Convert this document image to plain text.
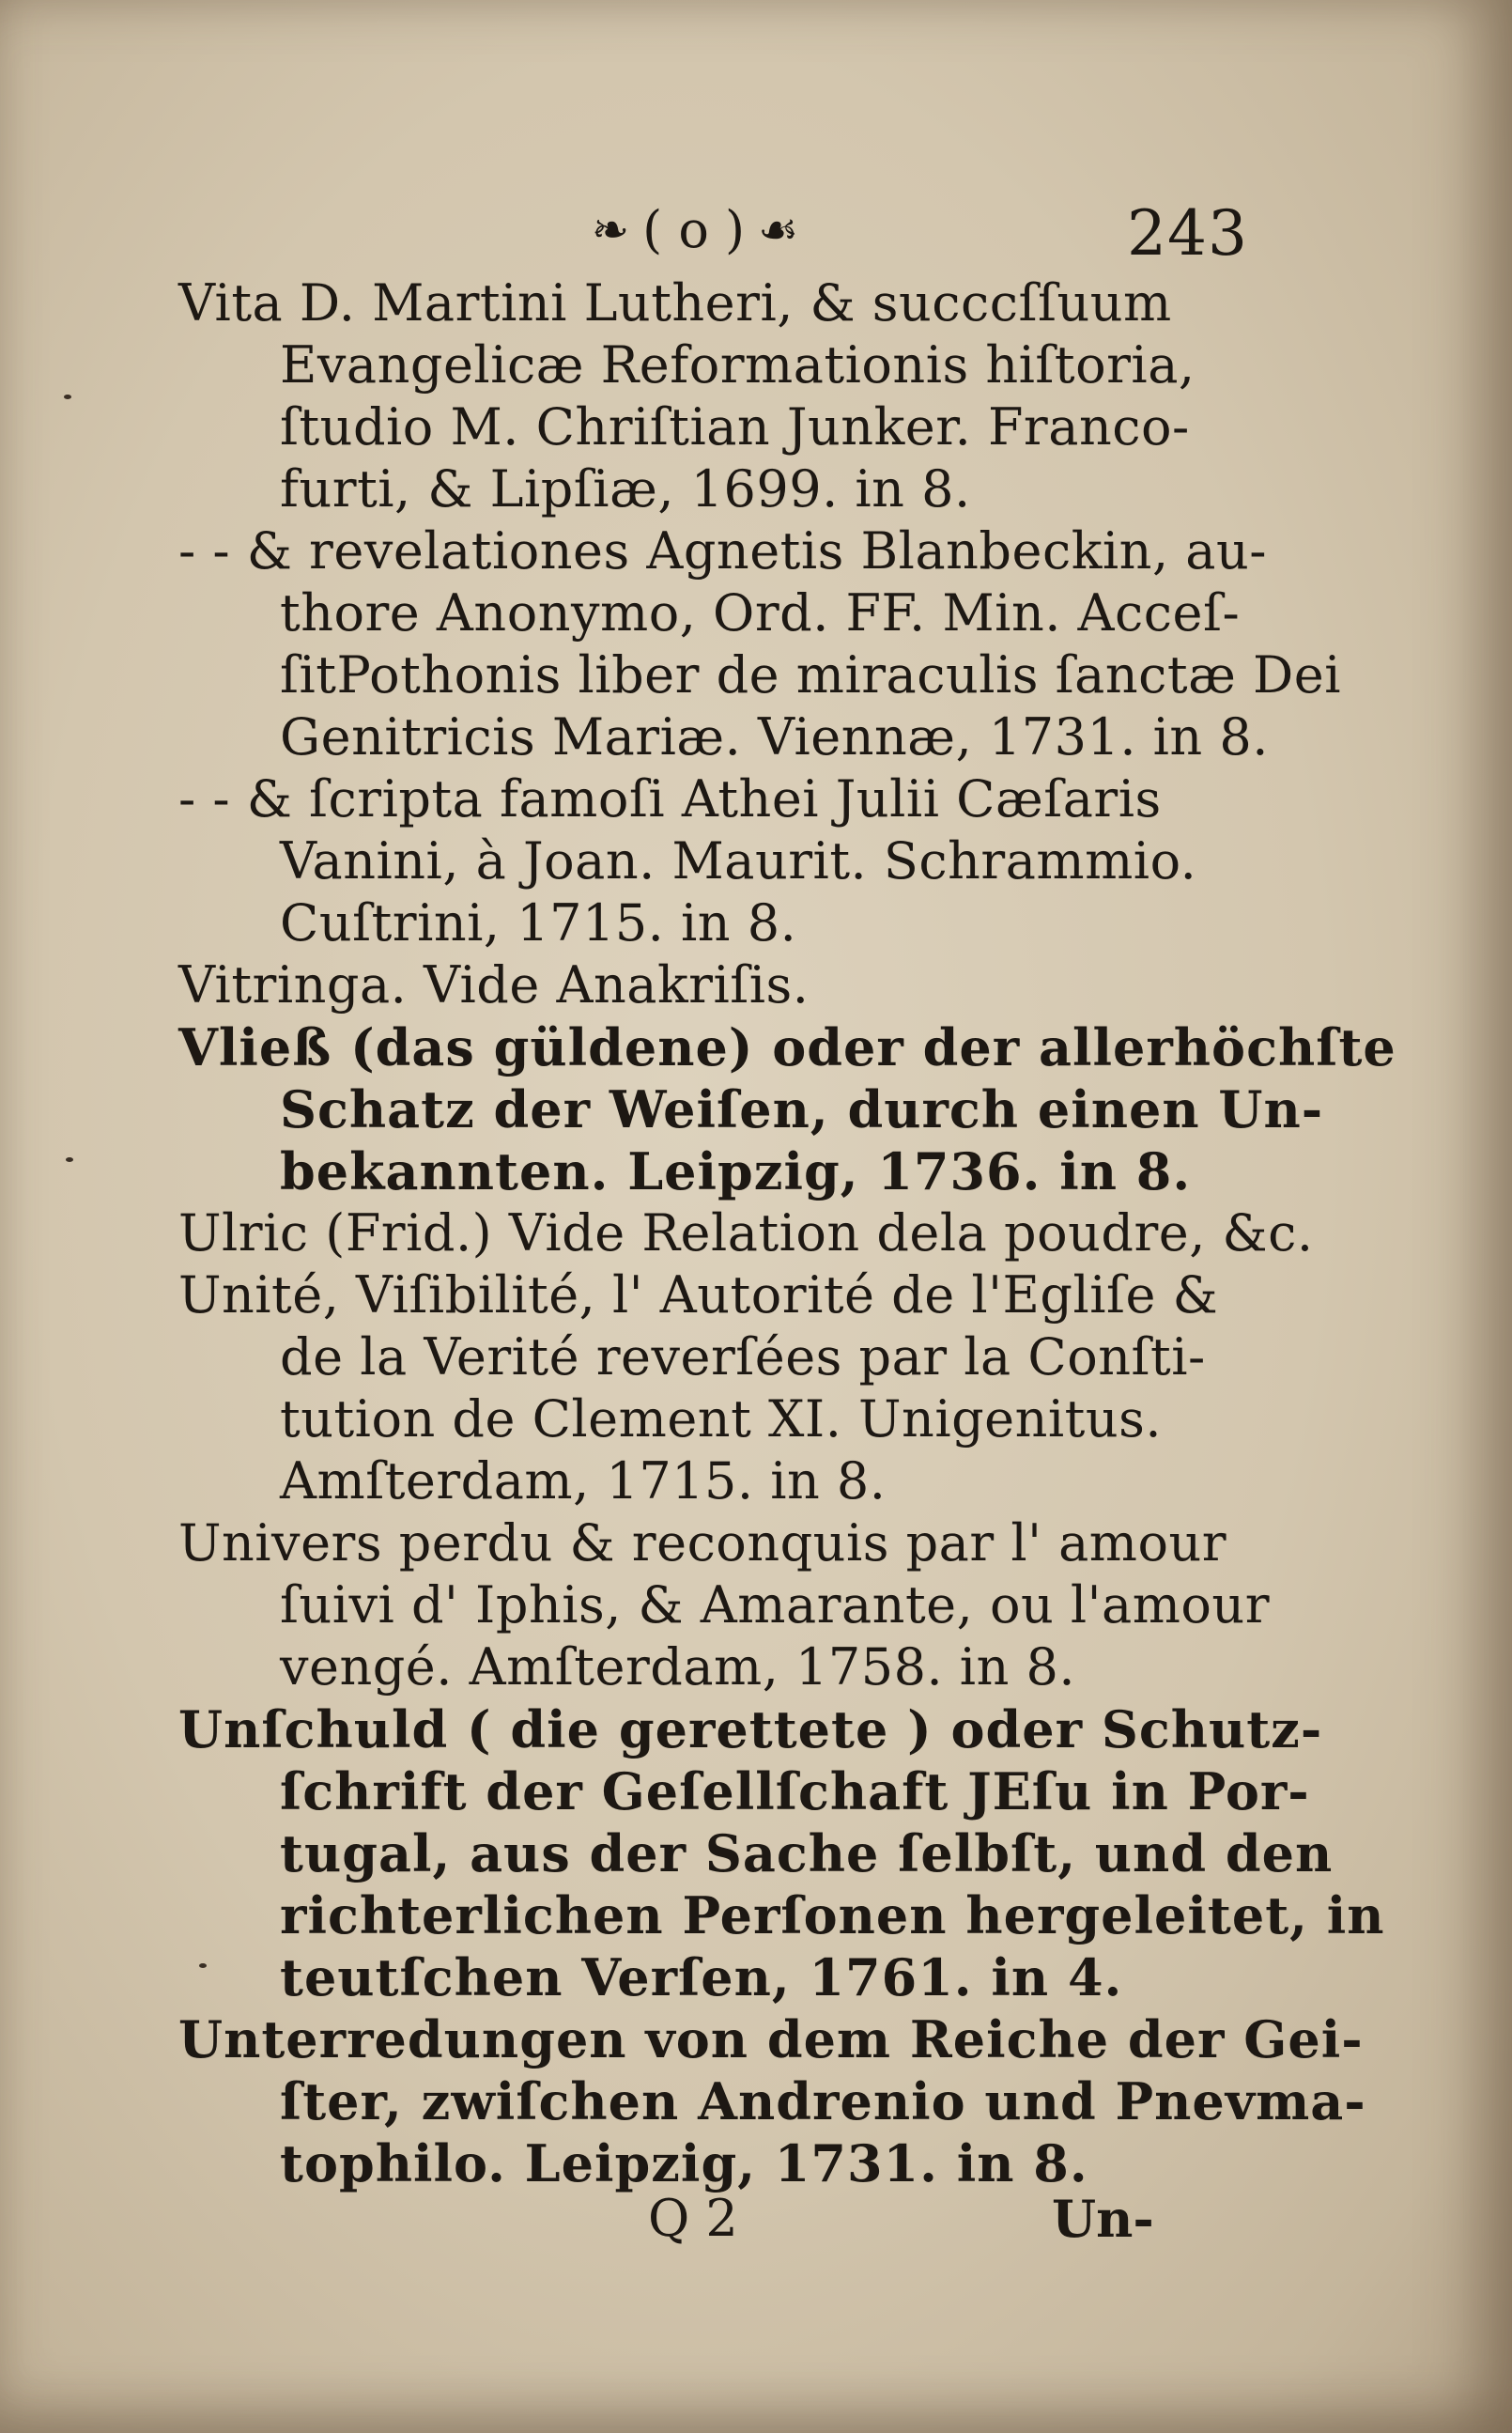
❧ ( o ) ☙	243
Vita D. Martini Lutheri, & succcſſuum
Evangelicæ Reformationis hiſtoria,
ſtudio M. Chriſtian Junker. Franco-
furti, & Lipſiæ, 1699. in 8.
- - & revelationes Agnetis Blanbeckin, au-
thore Anonymo, Ord. FF. Min. Acceſ-
ſitPothonis liber de miraculis ſanctæ Dei
Genitricis Mariæ. Viennæ, 1731. in 8.
- - & ſcripta famoſi Athei Julii Cæſaris
Vanini, à Joan. Maurit. Schrammio.
Cuſtrini, 1715. in 8.
Vitringa. Vide Anakriſis.
Vließ (das güldene) oder der allerhöchſte
Schatz der Weiſen, durch einen Un-
bekannten. Leipzig, 1736. in 8.
Ulric (Frid.) Vide Relation dela poudre, &c.
Unité, Viſibilité, l' Autorité de l'Egliſe &
de la Verité reverſées par la Conſti-
tution de Clement XI. Unigenitus.
Amſterdam, 1715. in 8.
Univers perdu & reconquis par l' amour
ſuivi d' Iphis, & Amarante, ou l'amour
vengé. Amſterdam, 1758. in 8.
Unſchuld ( die gerettete ) oder Schutz-
ſchrift der Geſellſchaft JEſu in Por-
tugal, aus der Sache ſelbſt, und den
richterlichen Perſonen hergeleitet, in
teutſchen Verſen, 1761. in 4.
Unterredungen von dem Reiche der Gei-
ſter, zwiſchen Andrenio und Pnevma-
tophilo. Leipzig, 1731. in 8.
Q 2	Un-
